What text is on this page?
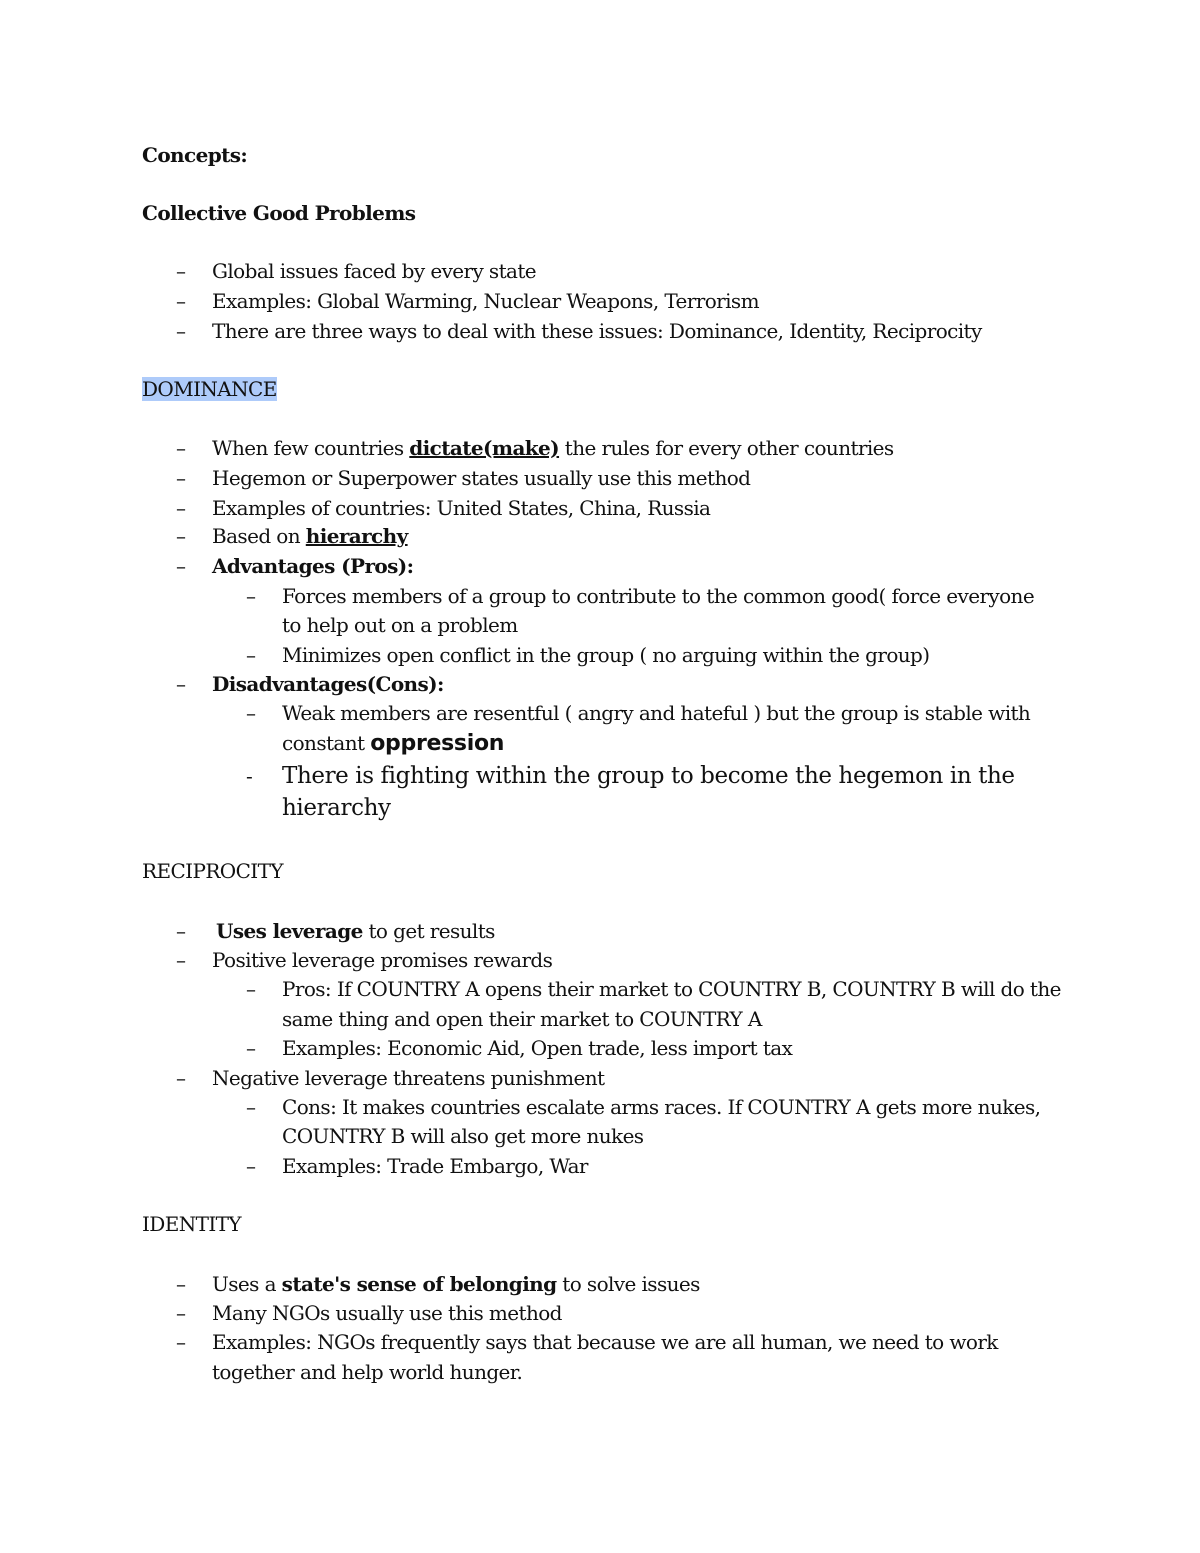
Concepts:
Collective Good Problems
– Global issues faced by every state
– Examples: Global Warming, Nuclear Weapons, Terrorism
– There are three ways to deal with these issues: Dominance, Identity, Reciprocity
DOMINANCE
– When few countries dictate(make) the rules for every other countries
– Hegemon or Superpower states usually use this method
– Examples of countries: United States, China, Russia
– Based on hierarchy
– Advantages (Pros):
– Forces members of a group to contribute to the common good( force everyone
to help out on a problem
– Minimizes open conflict in the group ( no arguing within the group)
– Disadvantages(Cons):
– Weak members are resentful ( angry and hateful ) but the group is stable with
constant oppression
- There is fighting within the group to become the hegemon in the
hierarchy
RECIPROCITY
– Uses leverage to get results
– Positive leverage promises rewards
– Pros: If COUNTRY A opens their market to COUNTRY B, COUNTRY B will do the
same thing and open their market to COUNTRY A
– Examples: Economic Aid, Open trade, less import tax
– Negative leverage threatens punishment
– Cons: It makes countries escalate arms races. If COUNTRY A gets more nukes,
COUNTRY B will also get more nukes
– Examples: Trade Embargo, War
IDENTITY
– Uses a state's sense of belonging to solve issues
– Many NGOs usually use this method
– Examples: NGOs frequently says that because we are all human, we need to work
together and help world hunger.
